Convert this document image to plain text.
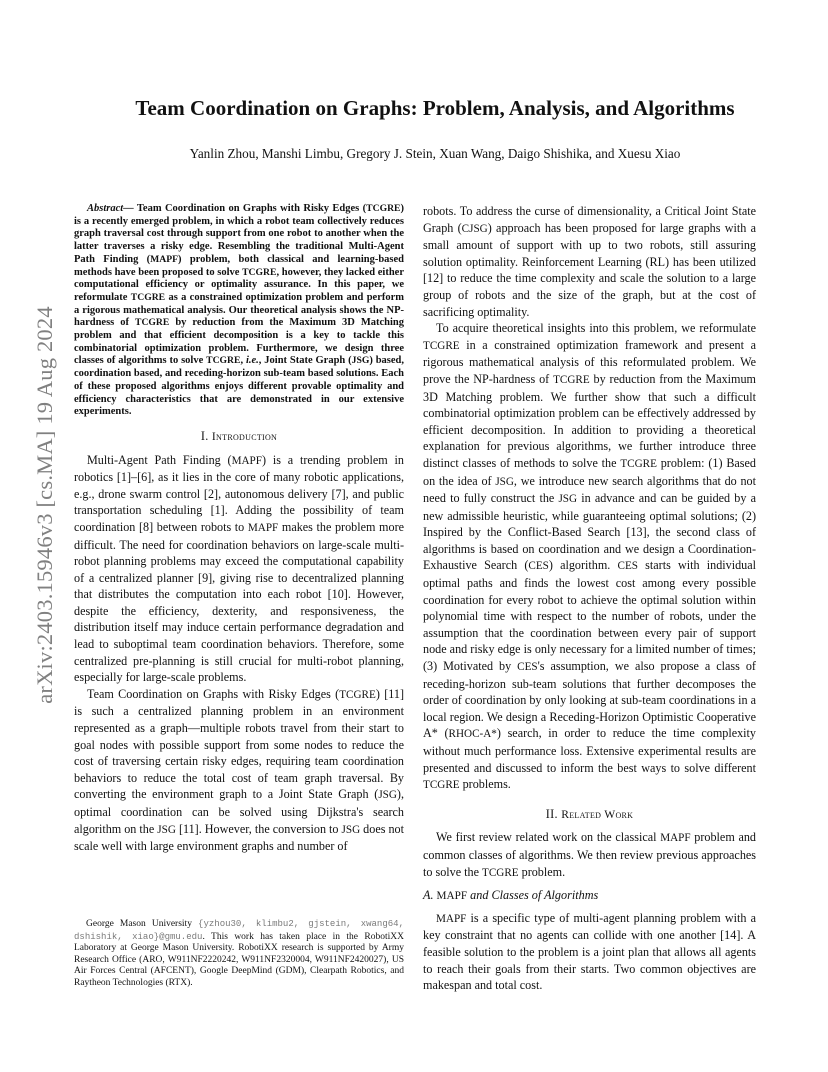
arXiv:2403.15946v3 [cs.MA] 19 Aug 2024
Team Coordination on Graphs: Problem, Analysis, and Algorithms
Yanlin Zhou, Manshi Limbu, Gregory J. Stein, Xuan Wang, Daigo Shishika, and Xuesu Xiao

Abstract— Team Coordination on Graphs with Risky Edges (TCGRE) is a recently emerged problem, in which a robot team collectively reduces graph traversal cost through support from one robot to another when the latter traverses a risky edge. Resembling the traditional Multi-Agent Path Finding (MAPF) problem, both classical and learning-based methods have been proposed to solve TCGRE, however, they lacked either computational efficiency or optimality assurance. In this paper, we reformulate TCGRE as a constrained optimization problem and perform a rigorous mathematical analysis. Our theoretical analysis shows the NP-hardness of TCGRE by reduction from the Maximum 3D Matching problem and that efficient decomposition is a key to tackle this combinatorial optimization problem. Furthermore, we design three classes of algorithms to solve TCGRE, i.e., Joint State Graph (JSG) based, coordination based, and receding-horizon sub-team based solutions. Each of these proposed algorithms enjoys different provable optimality and efficiency characteristics that are demonstrated in our extensive experiments.

I. Introduction

Multi-Agent Path Finding (MAPF) is a trending problem in robotics [1]–[6], as it lies in the core of many robotic applications, e.g., drone swarm control [2], autonomous delivery [7], and public transportation scheduling [1]. Adding the possibility of team coordination [8] between robots to MAPF makes the problem more difficult. The need for coordination behaviors on large-scale multi-robot planning problems may exceed the computational capability of a centralized planner [9], giving rise to decentralized planning that distributes the computation into each robot [10]. However, despite the efficiency, dexterity, and responsiveness, the distribution itself may induce certain performance degradation and lead to suboptimal team coordination behaviors. Therefore, some centralized pre-planning is still crucial for multi-robot planning, especially for large-scale problems.

Team Coordination on Graphs with Risky Edges (TCGRE) [11] is such a centralized planning problem in an environment represented as a graph—multiple robots travel from their start to goal nodes with possible support from some nodes to reduce the cost of traversing certain risky edges, requiring team coordination behaviors to reduce the total cost of team graph traversal. By converting the environment graph to a Joint State Graph (JSG), optimal coordination can be solved using Dijkstra's search algorithm on the JSG [11]. However, the conversion to JSG does not scale well with large environment graphs and number of

George Mason University {yzhou30, klimbu2, gjstein, xwang64, dshishik, xiao}@gmu.edu. This work has taken place in the RobotiXX Laboratory at George Mason University. RobotiXX research is supported by Army Research Office (ARO, W911NF2220242, W911NF2320004, W911NF2420027), US Air Forces Central (AFCENT), Google DeepMind (GDM), Clearpath Robotics, and Raytheon Technologies (RTX).

robots. To address the curse of dimensionality, a Critical Joint State Graph (CJSG) approach has been proposed for large graphs with a small amount of support with up to two robots, still assuring solution optimality. Reinforcement Learning (RL) has been utilized [12] to reduce the time complexity and scale the solution to a large group of robots and the size of the graph, but at the cost of sacrificing optimality.

To acquire theoretical insights into this problem, we reformulate TCGRE in a constrained optimization framework and present a rigorous mathematical analysis of this reformulated problem. We prove the NP-hardness of TCGRE by reduction from the Maximum 3D Matching problem. We further show that such a difficult combinatorial optimization problem can be effectively addressed by efficient decomposition. In addition to providing a theoretical explanation for previous algorithms, we further introduce three distinct classes of methods to solve the TCGRE problem: (1) Based on the idea of JSG, we introduce new search algorithms that do not need to fully construct the JSG in advance and can be guided by a new admissible heuristic, while guaranteeing optimal solutions; (2) Inspired by the Conflict-Based Search [13], the second class of algorithms is based on coordination and we design a Coordination-Exhaustive Search (CES) algorithm. CES starts with individual optimal paths and finds the lowest cost among every possible coordination for every robot to achieve the optimal solution within polynomial time with respect to the number of robots, under the assumption that the coordination between every pair of support node and risky edge is only necessary for a limited number of times; (3) Motivated by CES's assumption, we also propose a class of receding-horizon sub-team solutions that further decomposes the order of coordination by only looking at sub-team coordinations in a local region. We design a Receding-Horizon Optimistic Cooperative A* (RHOC-A*) search, in order to reduce the time complexity without much performance loss. Extensive experimental results are presented and discussed to inform the best ways to solve different TCGRE problems.

II. Related Work

We first review related work on the classical MAPF problem and common classes of algorithms. We then review previous approaches to solve the TCGRE problem.

A. MAPF and Classes of Algorithms

MAPF is a specific type of multi-agent planning problem with a key constraint that no agents can collide with one another [14]. A feasible solution to the problem is a joint plan that allows all agents to reach their goals from their starts. Two common objectives are makespan and total cost.
